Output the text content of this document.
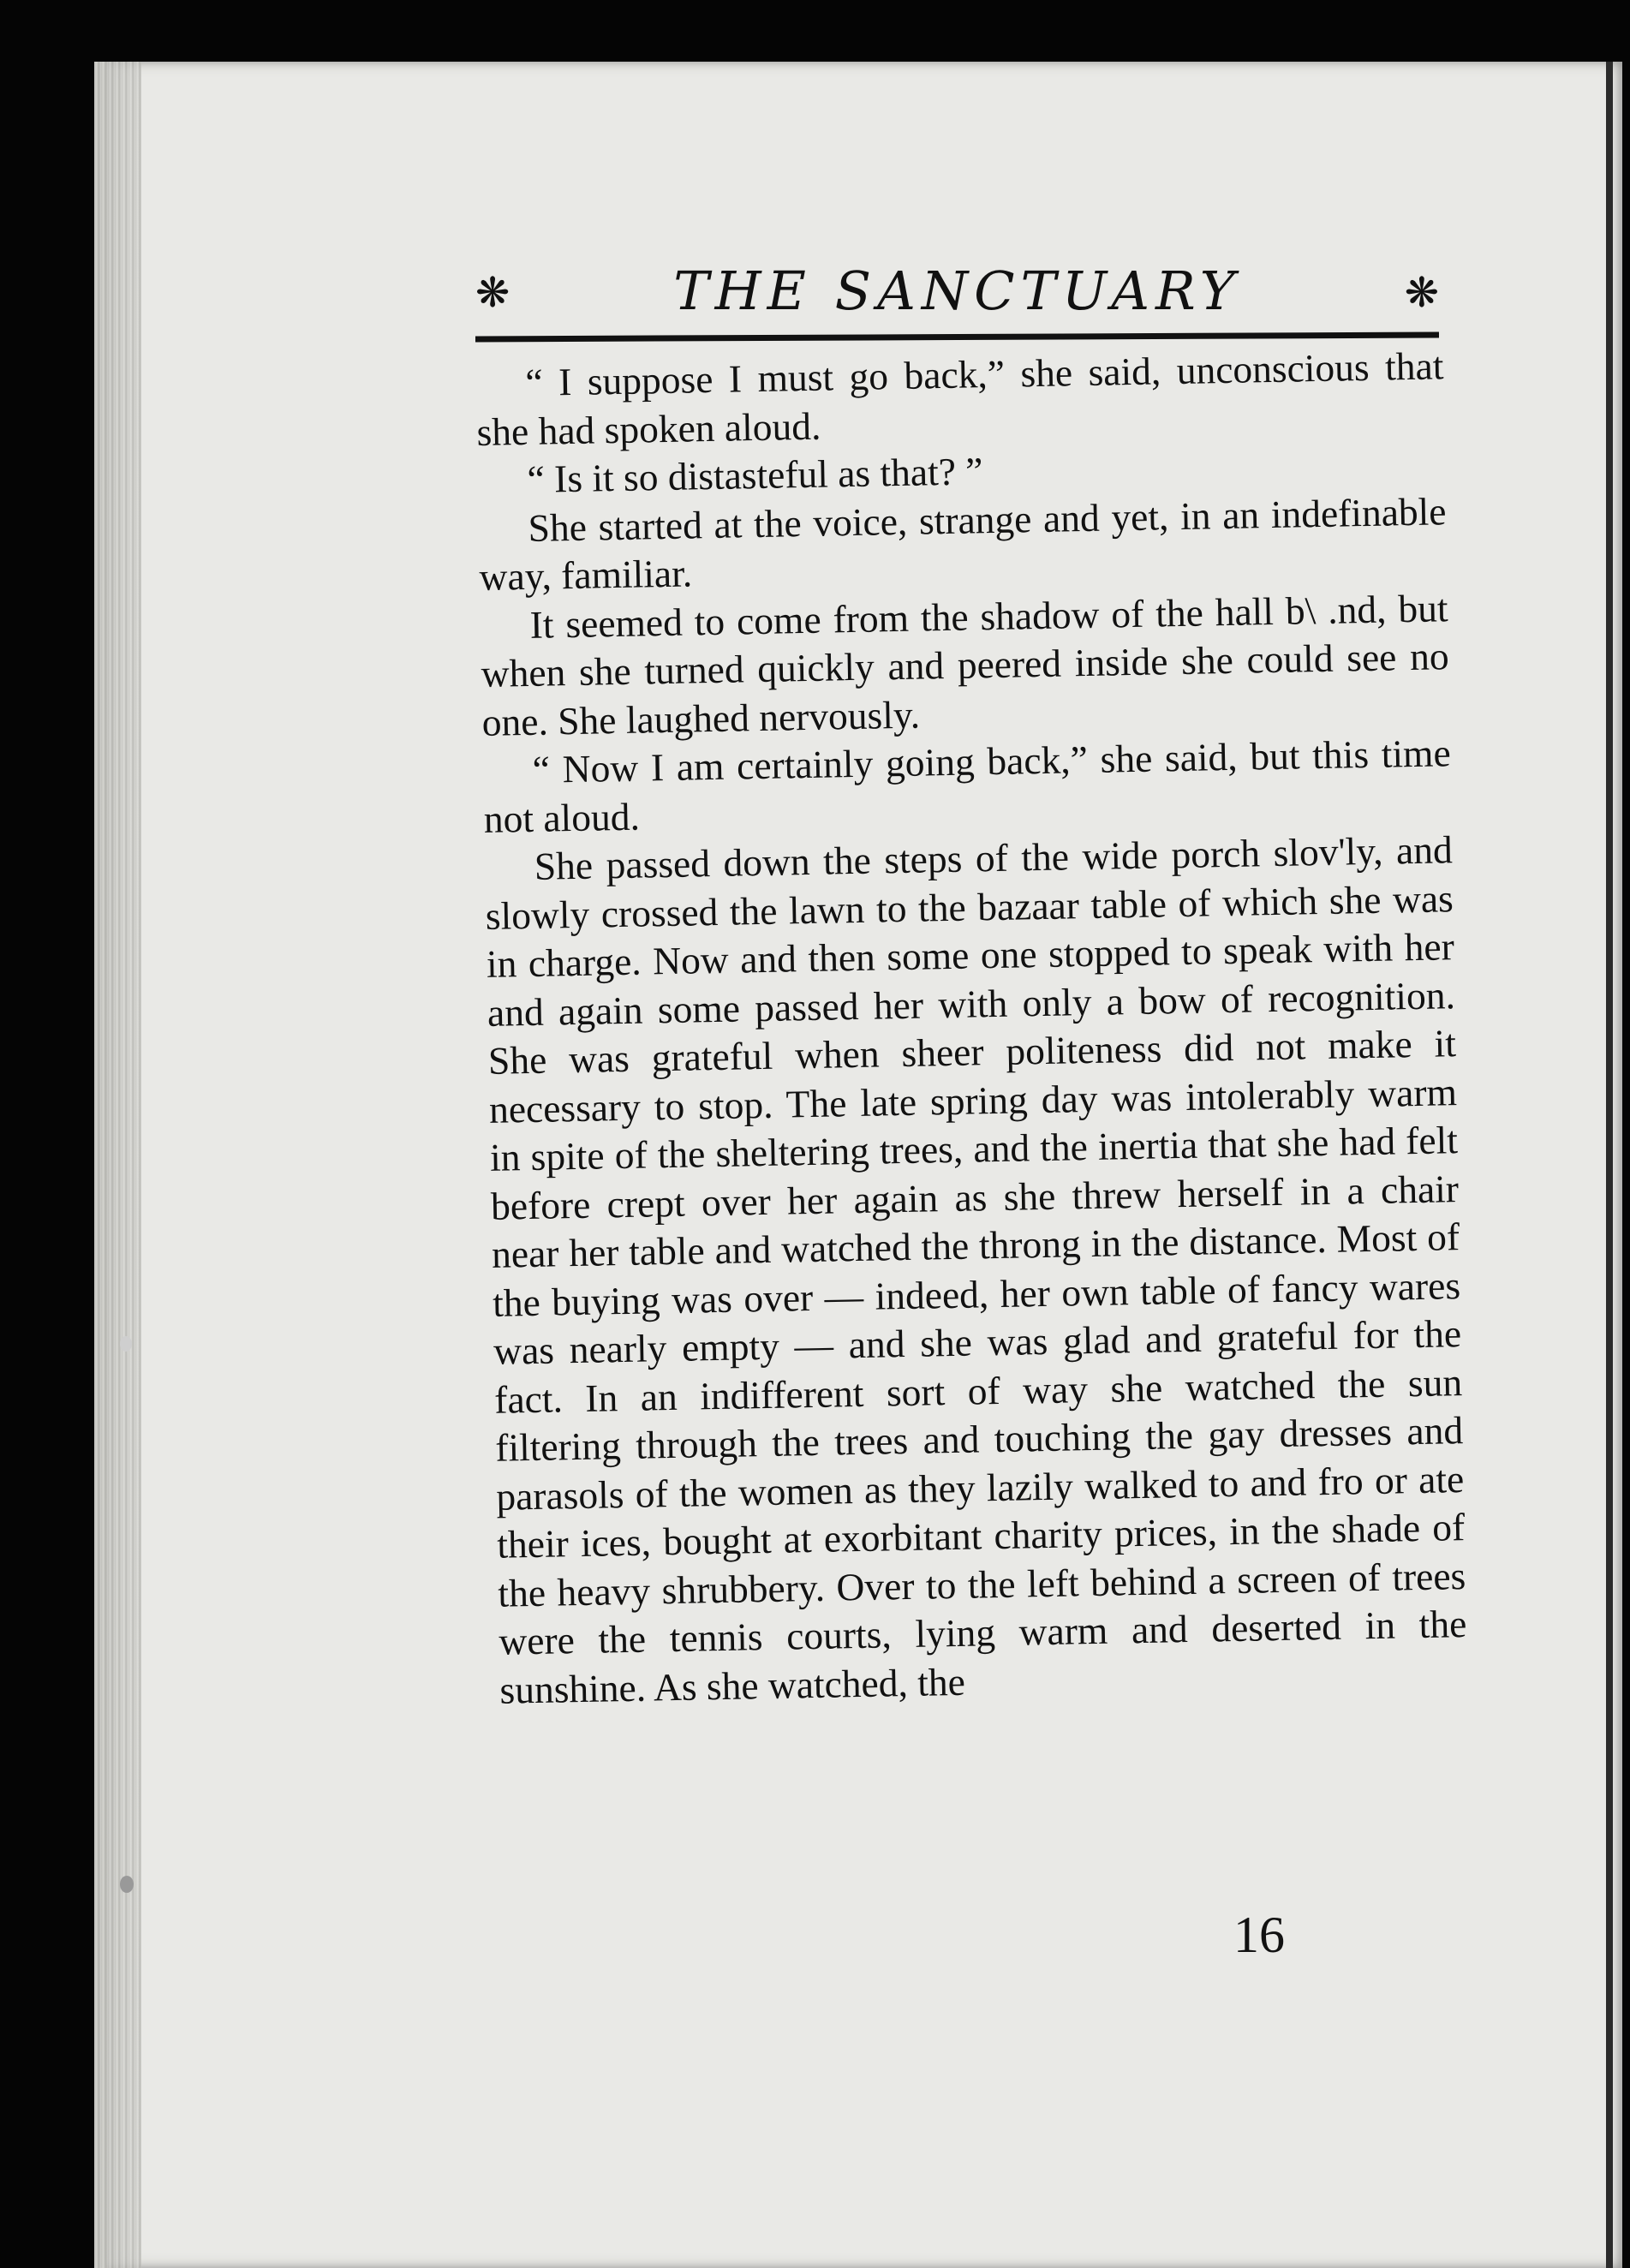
❋	THE SANCTUARY	❋

“ I suppose I must go back,” she said, unconscious that she had spoken aloud.

“ Is it so distasteful as that? ”

She started at the voice, strange and yet, in an indefinable way, familiar.

It seemed to come from the shadow of the hall b\ .nd, but when she turned quickly and peered inside she could see no one. She laughed nervously.

“ Now I am certainly going back,” she said, but this time not aloud.

She passed down the steps of the wide porch slov'ly, and slowly crossed the lawn to the bazaar table of which she was in charge. Now and then some one stopped to speak with her and again some passed her with only a bow of recognition. She was grateful when sheer politeness did not make it necessary to stop. The late spring day was intolerably warm in spite of the sheltering trees, and the inertia that she had felt before crept over her again as she threw herself in a chair near her table and watched the throng in the distance. Most of the buying was over — indeed, her own table of fancy wares was nearly empty — and she was glad and grateful for the fact. In an indifferent sort of way she watched the sun filtering through the trees and touching the gay dresses and parasols of the women as they lazily walked to and fro or ate their ices, bought at exorbitant charity prices, in the shade of the heavy shrubbery. Over to the left behind a screen of trees were the tennis courts, lying warm and deserted in the sunshine. As she watched, the

16
